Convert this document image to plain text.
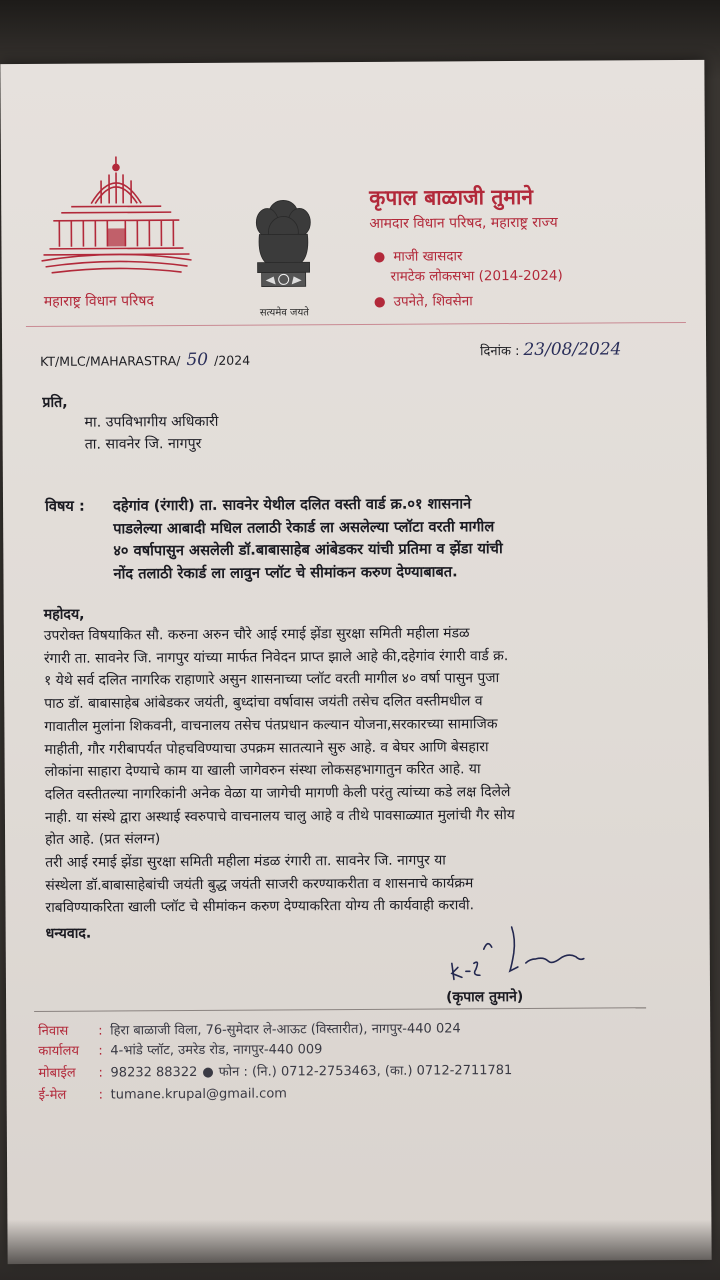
महाराष्ट्र विधान परिषद
सत्यमेव जयते
कृपाल बाळाजी तुमाने
आमदार विधान परिषद, महाराष्ट्र राज्य
● माजी खासदार
रामटेक लोकसभा (2014-2024)
● उपनेते, शिवसेना
KT/MLC/MAHARASTRA/ 50 /2024
दिनांक : 23/08/2024
प्रति,
मा. उपविभागीय अधिकारी
ता. सावनेर जि. नागपुर
विषय : दहेगांव (रंगारी) ता. सावनेर येथील दलित वस्ती वार्ड क्र.०१ शासनाने
पाडलेल्या आबादी मधिल तलाठी रेकार्ड ला असलेल्या प्लॉटा वरती मागील
४० वर्षापासुन असलेली डॉ.बाबासाहेब आंबेडकर यांची प्रतिमा व झेंडा यांची
नोंद तलाठी रेकार्ड ला लावुन प्लॉट चे सीमांकन करुण देण्याबाबत.
महोदय,
उपरोक्त विषयाकित सौ. करुना अरुन चौरे आई रमाई झेंडा सुरक्षा समिती महीला मंडळ
रंगारी ता. सावनेर जि. नागपुर यांच्या मार्फत निवेदन प्राप्त झाले आहे की,दहेगांव रंगारी वार्ड क्र.
१ येथे सर्व दलित नागरिक राहाणारे असुन शासनाच्या प्लॉट वरती मागील ४० वर्षा पासुन पुजा
पाठ डॉ. बाबासाहेब आंबेडकर जयंती, बुध्दांचा वर्षावास जयंती तसेच दलित वस्तीमधील व
गावातील मुलांना शिकवनी, वाचनालय तसेच पंतप्रधान कल्यान योजना,सरकारच्या सामाजिक
माहीती, गौर गरीबापर्यत पोहचविण्याचा उपक्रम सातत्याने सुरु आहे. व बेघर आणि बेसहारा
लोकांना साहारा देण्याचे काम या खाली जागेवरुन संस्था लोकसहभागातुन करित आहे. या
दलित वस्तीतल्या नागरिकांनी अनेक वेळा या जागेची मागणी केली परंतु त्यांच्या कडे लक्ष दिलेले
नाही. या संस्थे द्वारा अस्थाई स्वरुपाचे वाचनालय चालु आहे व तीथे पावसाळ्यात मुलांची गैर सोय
होत आहे. (प्रत संलग्न)
तरी आई रमाई झेंडा सुरक्षा समिती महीला मंडळ रंगारी ता. सावनेर जि. नागपुर या
संस्थेला डॉ.बाबासाहेबांची जयंती बुद्ध जयंती साजरी करण्याकरीता व शासनाचे कार्यक्रम
राबविण्याकरिता खाली प्लॉट चे सीमांकन करुण देण्याकरिता योग्य ती कार्यवाही करावी.
धन्यवाद.
(कृपाल तुमाने)
निवास : हिरा बाळाजी विला, 76-सुमेदार ले-आऊट (विस्तारीत), नागपुर-440 024
कार्यालय : 4-भांडे प्लॉट, उमरेड रोड, नागपुर-440 009
मोबाईल : 98232 88322 ● फोन : (नि.) 0712-2753463, (का.) 0712-2711781
ई-मेल : tumane.krupal@gmail.com
